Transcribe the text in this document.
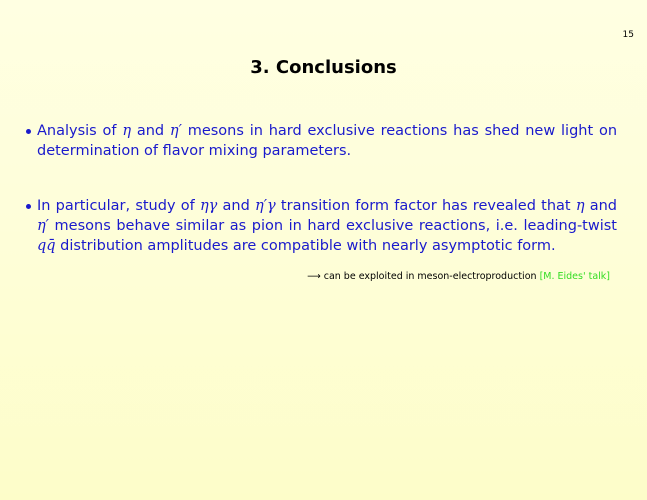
15
3. Conclusions
Analysis of η and η′ mesons in hard exclusive reactions has shed new light on determination of flavor mixing parameters.
In particular, study of ηγ and η′γ transition form factor has revealed that η and η′ mesons behave similar as pion in hard exclusive reactions, i.e. leading-twist qq̄ distribution amplitudes are compatible with nearly asymptotic form.
⟶ can be exploited in meson-electroproduction [M. Eides' talk]
